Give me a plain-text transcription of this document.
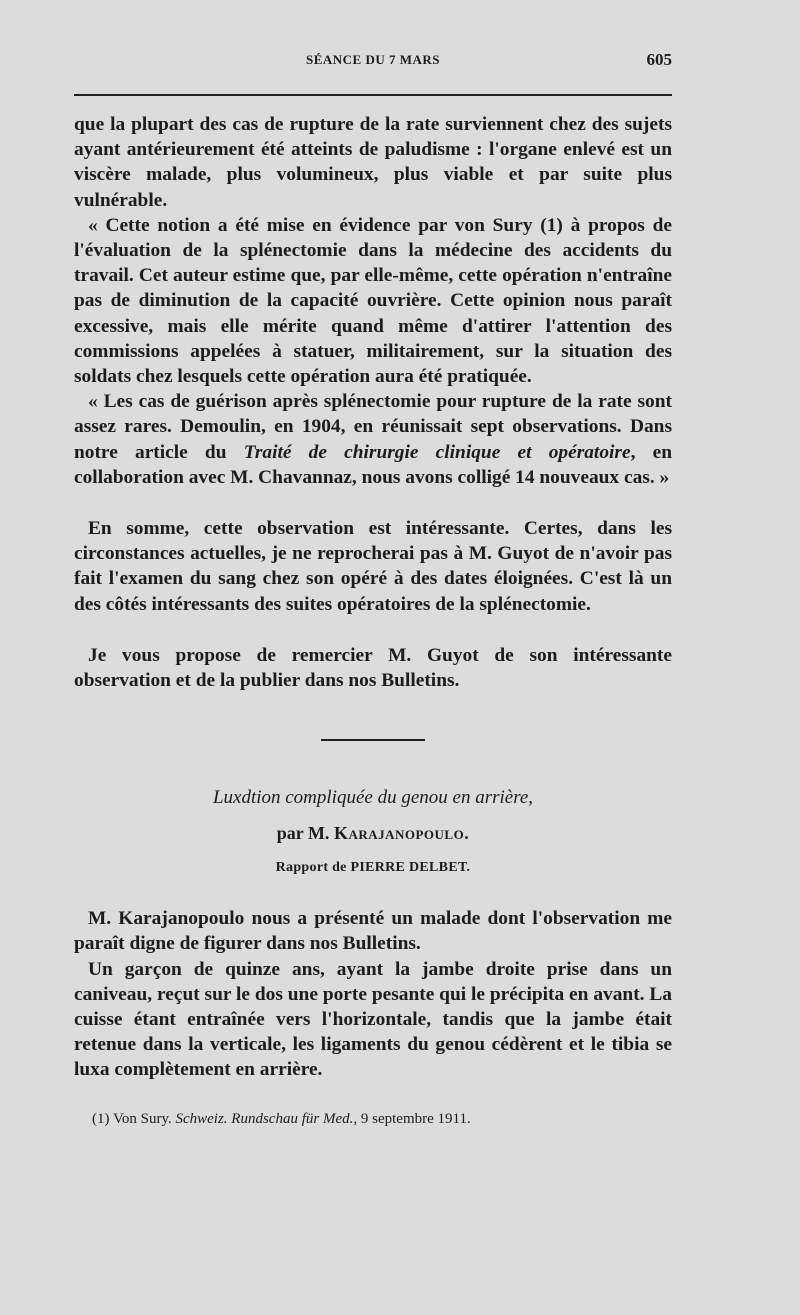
SÉANCE DU 7 MARS	605

que la plupart des cas de rupture de la rate surviennent chez des sujets ayant antérieurement été atteints de paludisme : l'organe enlevé est un viscère malade, plus volumineux, plus viable et par suite plus vulnérable.

« Cette notion a été mise en évidence par von Sury (1) à propos de l'évaluation de la splénectomie dans la médecine des accidents du travail. Cet auteur estime que, par elle-même, cette opération n'entraîne pas de diminution de la capacité ouvrière. Cette opinion nous paraît excessive, mais elle mérite quand même d'attirer l'attention des commissions appelées à statuer, militairement, sur la situation des soldats chez lesquels cette opération aura été pratiquée.

« Les cas de guérison après splénectomie pour rupture de la rate sont assez rares. Demoulin, en 1904, en réunissait sept observations. Dans notre article du Traité de chirurgie clinique et opératoire, en collaboration avec M. Chavannaz, nous avons colligé 14 nouveaux cas. »

En somme, cette observation est intéressante. Certes, dans les circonstances actuelles, je ne reprocherai pas à M. Guyot de n'avoir pas fait l'examen du sang chez son opéré à des dates éloignées. C'est là un des côtés intéressants des suites opératoires de la splénectomie.

Je vous propose de remercier M. Guyot de son intéressante observation et de la publier dans nos Bulletins.

Luxdtion compliquée du genou en arrière,

par M. Karajanopoulo.

Rapport de PIERRE DELBET.

M. Karajanopoulo nous a présenté un malade dont l'observation me paraît digne de figurer dans nos Bulletins.

Un garçon de quinze ans, ayant la jambe droite prise dans un caniveau, reçut sur le dos une porte pesante qui le précipita en avant. La cuisse étant entraînée vers l'horizontale, tandis que la jambe était retenue dans la verticale, les ligaments du genou cédèrent et le tibia se luxa complètement en arrière.

(1) Von Sury. Schweiz. Rundschau für Med., 9 septembre 1911.
